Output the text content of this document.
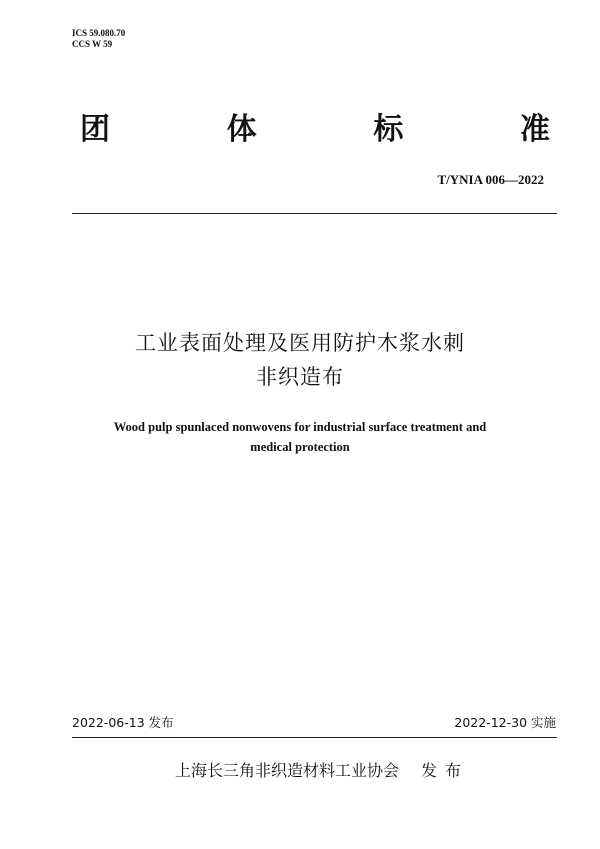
ICS 59.080.70
CCS W 59
团	体	标	准
T/YNIA 006—2022
工业表面处理及医用防护木浆水刺
非织造布
Wood pulp spunlaced nonwovens for industrial surface treatment and
medical protection
2022-06-13 发布	2022-12-30 实施
上海长三角非织造材料工业协会 发布
